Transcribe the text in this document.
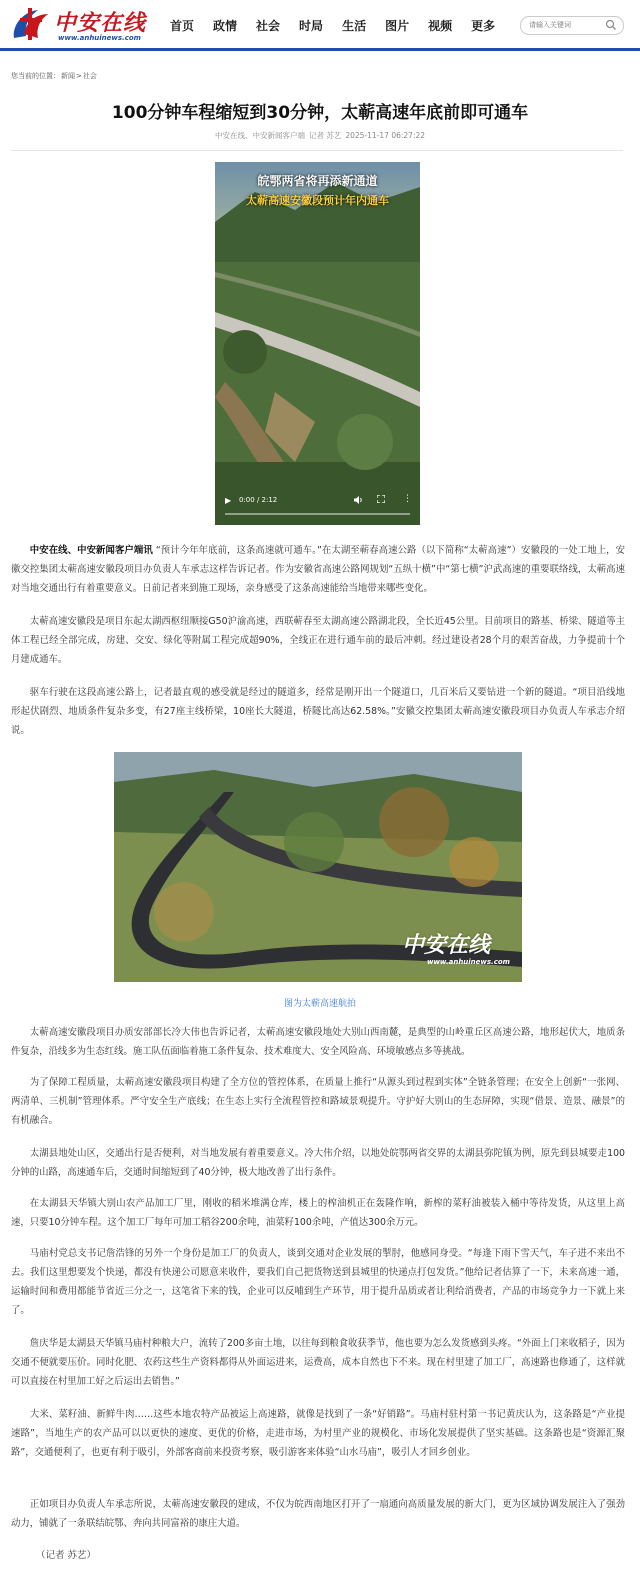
中安在线
www.anhuinews.com
首页 政情 社会 时局 生活 图片 视频 更多
请输入关键词
您当前的位置：新闻>社会
100分钟车程缩短到30分钟，太蕲高速年底前即可通车
中安在线、中安新闻客户端 记者 苏艺 2025-11-17 06:27:22
皖鄂两省将再添新通道
太蕲高速安徽段预计年内通车
▶ 0:00 / 2:12	⋮

中安在线、中安新闻客户端讯 “预计今年年底前，这条高速就可通车。”在太湖至蕲春高速公路（以下简称“太蕲高速”）安徽段的一处工地上，安徽交控集团太蕲高速安徽段项目办负责人车承志这样告诉记者。作为安徽省高速公路网规划“五纵十横”中“第七横”沪武高速的重要联络线，太蕲高速对当地交通出行有着重要意义。日前记者来到施工现场，亲身感受了这条高速能给当地带来哪些变化。

太蕲高速安徽段是项目东起太湖西枢纽顺接G50沪渝高速，西联蕲春至太湖高速公路湖北段，全长近45公里。目前项目的路基、桥梁、隧道等主体工程已经全部完成，房建、交安、绿化等附属工程完成超90%，全线正在进行通车前的最后冲刺。经过建设者28个月的艰苦奋战，力争提前十个月建成通车。

驱车行驶在这段高速公路上，记者最直观的感受就是经过的隧道多，经常是刚开出一个隧道口，几百米后又要钻进一个新的隧道。“项目沿线地形起伏剧烈、地质条件复杂多变，有27座主线桥梁，10座长大隧道，桥隧比高达62.58%。”安徽交控集团太蕲高速安徽段项目办负责人车承志介绍说。

中安在线
www.anhuinews.com
图为太蕲高速航拍

太蕲高速安徽段项目办质安部部长冷大伟也告诉记者，太蕲高速安徽段地处大别山西南麓，是典型的山岭重丘区高速公路，地形起伏大，地质条件复杂，沿线多为生态红线。施工队伍面临着施工条件复杂、技术难度大、安全风险高、环境敏感点多等挑战。

为了保障工程质量，太蕲高速安徽段项目构建了全方位的管控体系，在质量上推行“从源头到过程到实体”全链条管理；在安全上创新“一张网、两清单、三机制”管理体系。严守安全生产底线；在生态上实行全流程管控和路域景观提升。守护好大别山的生态屏障，实现“借景、造景、融景”的有机融合。

太湖县地处山区，交通出行是否便利，对当地发展有着重要意义。冷大伟介绍，以地处皖鄂两省交界的太湖县弥陀镇为例，原先到县城要走100分钟的山路，高速通车后，交通时间缩短到了40分钟，极大地改善了出行条件。

在太湖县天华镇大别山农产品加工厂里，刚收的稻米堆满仓库，楼上的榨油机正在轰隆作响，新榨的菜籽油被装入桶中等待发货，从这里上高速，只要10分钟车程。这个加工厂每年可加工稻谷200余吨，油菜籽100余吨，产值达300余万元。

马庙村党总支书记詹浩锋的另外一个身份是加工厂的负责人，谈到交通对企业发展的掣肘，他感同身受。“每逢下雨下雪天气，车子进不来出不去。我们这里想要发个快递，都没有快递公司愿意来收件，要我们自己把货物送到县城里的快递点打包发货。”他给记者估算了一下，未来高速一通，运输时间和费用都能节省近三分之一，这笔省下来的钱，企业可以反哺到生产环节，用于提升品质或者让利给消费者，产品的市场竞争力一下就上来了。

詹庆华是太湖县天华镇马庙村种粮大户，流转了200多亩土地，以往每到粮食收获季节，他也要为怎么发货感到头疼。“外面上门来收稻子，因为交通不便就要压价。同时化肥、农药这些生产资料都得从外面运进来，运费高，成本自然也下不来。现在村里建了加工厂，高速路也修通了，这样就可以直接在村里加工好之后运出去销售。”

大米、菜籽油、新鲜牛肉……这些本地农特产品被运上高速路，就像是找到了一条“好销路”。马庙村驻村第一书记黄庆认为，这条路是“产业提速路”，当地生产的农产品可以以更快的速度、更优的价格，走进市场，为村里产业的规模化、市场化发展提供了坚实基础。这条路也是“资源汇聚路”，交通便利了，也更有利于吸引，外部客商前来投资考察，吸引游客来体验“山水马庙”，吸引人才回乡创业。

正如项目办负责人车承志所说，太蕲高速安徽段的建成，不仅为皖西南地区打开了一扇通向高质量发展的新大门，更为区域协调发展注入了强劲动力，铺就了一条联结皖鄂、奔向共同富裕的康庄大道。

（记者 苏艺）
